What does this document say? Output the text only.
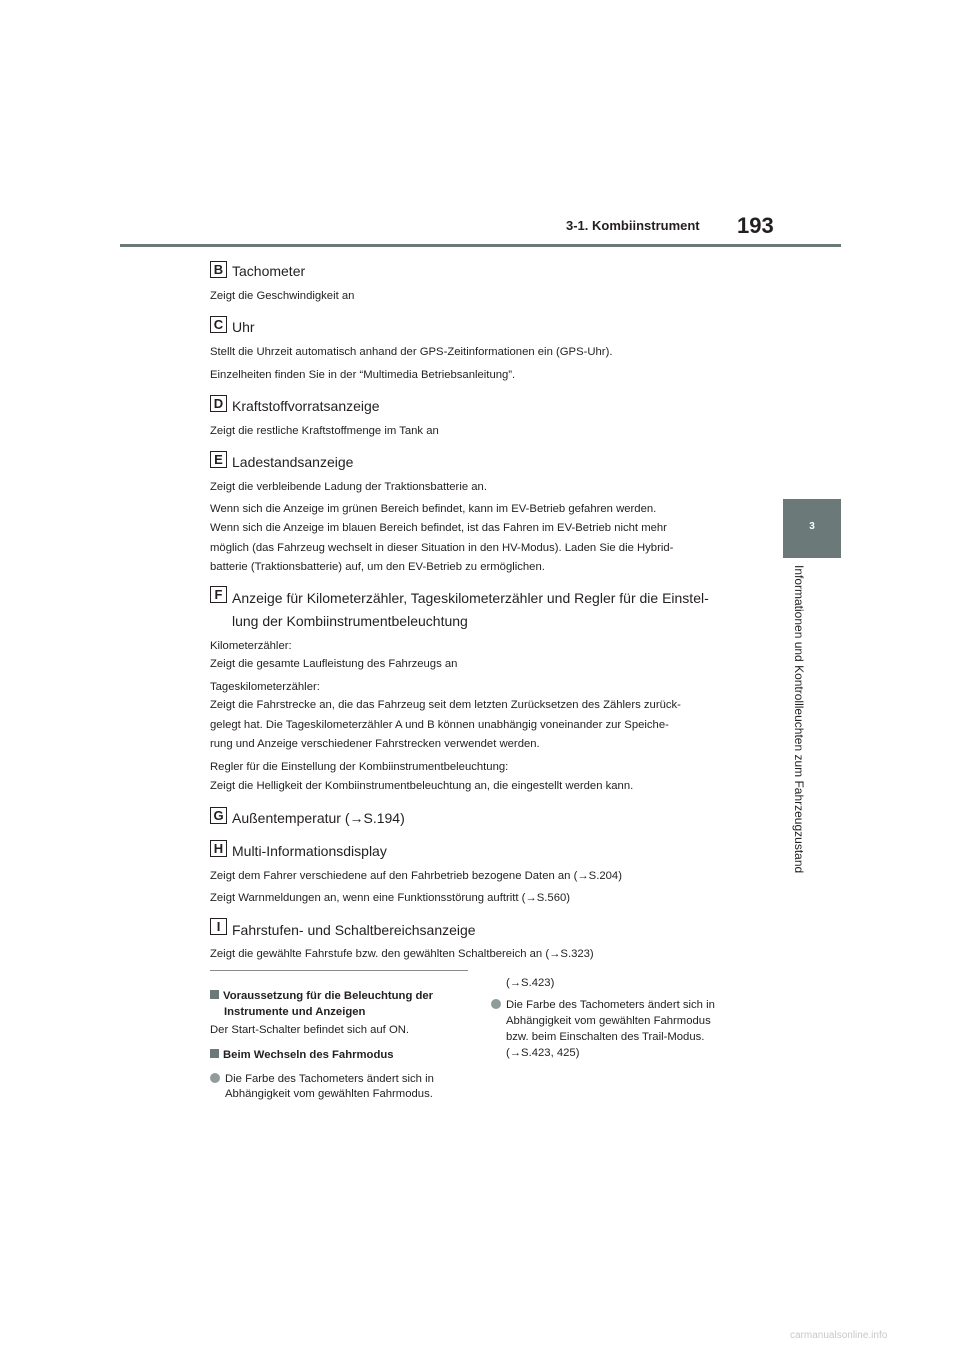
3-1. Kombiinstrument 193
3
Informationen und Kontrollleuchten zum Fahrzeugzustand
B Tachometer
Zeigt die Geschwindigkeit an
C Uhr
Stellt die Uhrzeit automatisch anhand der GPS-Zeitinformationen ein (GPS-Uhr).
Einzelheiten finden Sie in der “Multimedia Betriebsanleitung”.
D Kraftstoffvorratsanzeige
Zeigt die restliche Kraftstoffmenge im Tank an
E Ladestandsanzeige
Zeigt die verbleibende Ladung der Traktionsbatterie an.
Wenn sich die Anzeige im grünen Bereich befindet, kann im EV-Betrieb gefahren werden.
Wenn sich die Anzeige im blauen Bereich befindet, ist das Fahren im EV-Betrieb nicht mehr
möglich (das Fahrzeug wechselt in dieser Situation in den HV-Modus). Laden Sie die Hybrid-
batterie (Traktionsbatterie) auf, um den EV-Betrieb zu ermöglichen.
F Anzeige für Kilometerzähler, Tageskilometerzähler und Regler für die Einstel-
lung der Kombiinstrumentbeleuchtung
Kilometerzähler:
Zeigt die gesamte Laufleistung des Fahrzeugs an
Tageskilometerzähler:
Zeigt die Fahrstrecke an, die das Fahrzeug seit dem letzten Zurücksetzen des Zählers zurück-
gelegt hat. Die Tageskilometerzähler A und B können unabhängig voneinander zur Speiche-
rung und Anzeige verschiedener Fahrstrecken verwendet werden.
Regler für die Einstellung der Kombiinstrumentbeleuchtung:
Zeigt die Helligkeit der Kombiinstrumentbeleuchtung an, die eingestellt werden kann.
G Außentemperatur (→S.194)
H Multi-Informationsdisplay
Zeigt dem Fahrer verschiedene auf den Fahrbetrieb bezogene Daten an (→S.204)
Zeigt Warnmeldungen an, wenn eine Funktionsstörung auftritt (→S.560)
I Fahrstufen- und Schaltbereichsanzeige
Zeigt die gewählte Fahrstufe bzw. den gewählten Schaltbereich an (→S.323)
Voraussetzung für die Beleuchtung der
Instrumente und Anzeigen
Der Start-Schalter befindet sich auf ON.
Beim Wechseln des Fahrmodus
Die Farbe des Tachometers ändert sich in
Abhängigkeit vom gewählten Fahrmodus.
(→S.423)
Die Farbe des Tachometers ändert sich in
Abhängigkeit vom gewählten Fahrmodus
bzw. beim Einschalten des Trail-Modus.
(→S.423, 425)
carmanualsonline.info
